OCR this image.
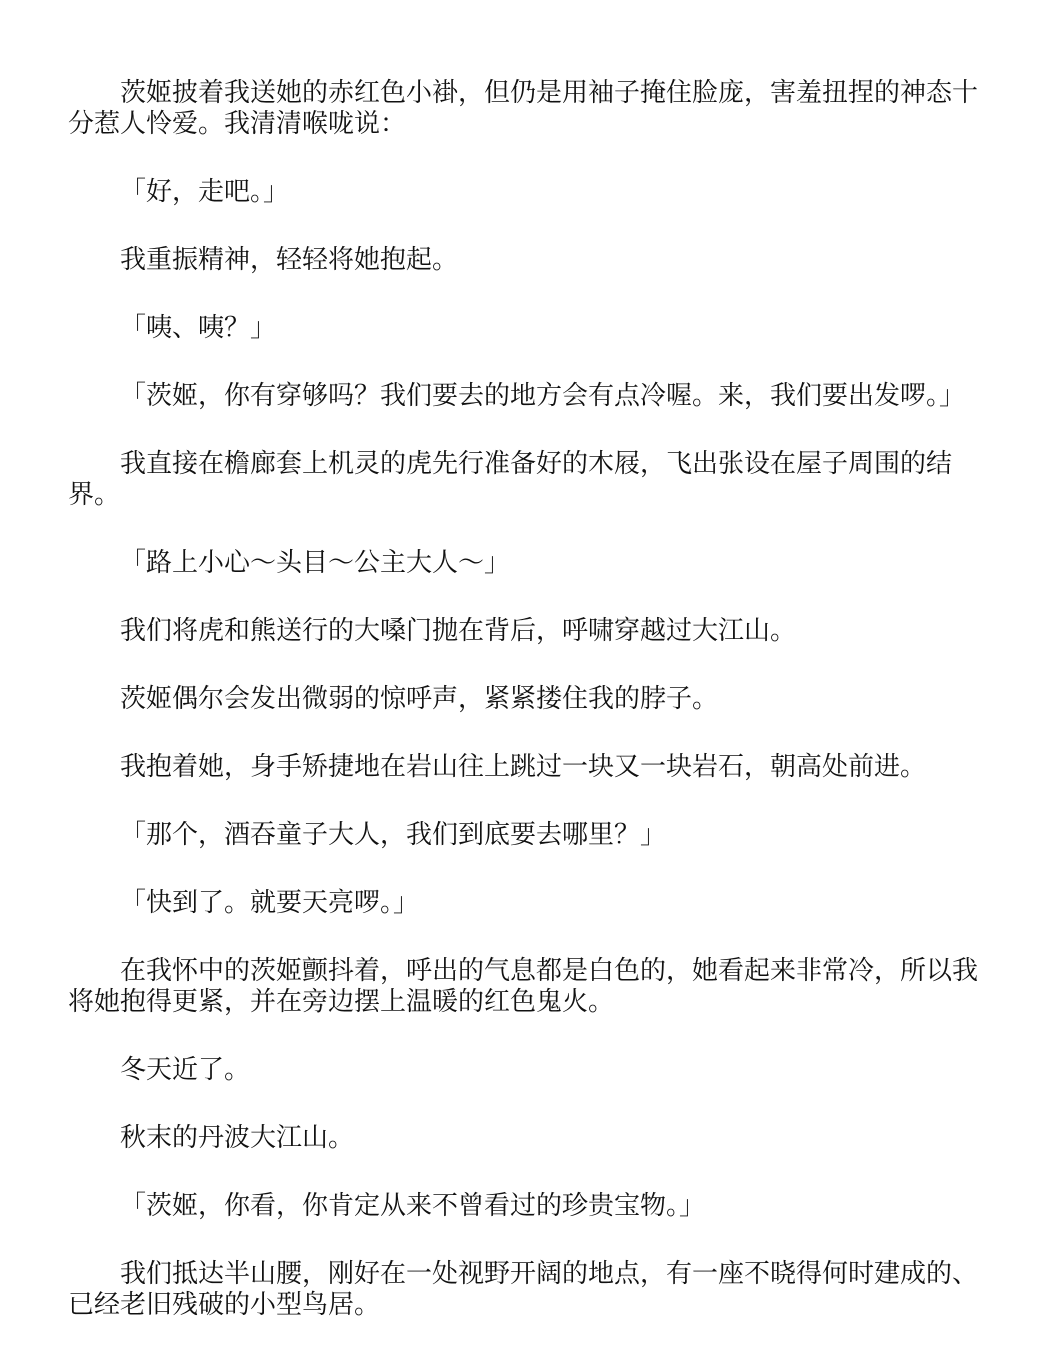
茨姬披着我送她的赤红色小褂，但仍是用袖子掩住脸庞，害羞扭捏的神态十分惹人怜爱。我清清喉咙说：

「好，走吧。」

我重振精神，轻轻将她抱起。

「咦、咦？」

「茨姬，你有穿够吗？我们要去的地方会有点冷喔。来，我们要出发啰。」

我直接在檐廊套上机灵的虎先行准备好的木屐，飞出张设在屋子周围的结界。

「路上小心～头目～公主大人～」

我们将虎和熊送行的大嗓门抛在背后，呼啸穿越过大江山。

茨姬偶尔会发出微弱的惊呼声，紧紧搂住我的脖子。

我抱着她，身手矫捷地在岩山往上跳过一块又一块岩石，朝高处前进。

「那个，酒吞童子大人，我们到底要去哪里？」

「快到了。就要天亮啰。」

在我怀中的茨姬颤抖着，呼出的气息都是白色的，她看起来非常冷，所以我将她抱得更紧，并在旁边摆上温暖的红色鬼火。

冬天近了。

秋末的丹波大江山。

「茨姬，你看，你肯定从来不曾看过的珍贵宝物。」

我们抵达半山腰，刚好在一处视野开阔的地点，有一座不晓得何时建成的、已经老旧残破的小型鸟居。
